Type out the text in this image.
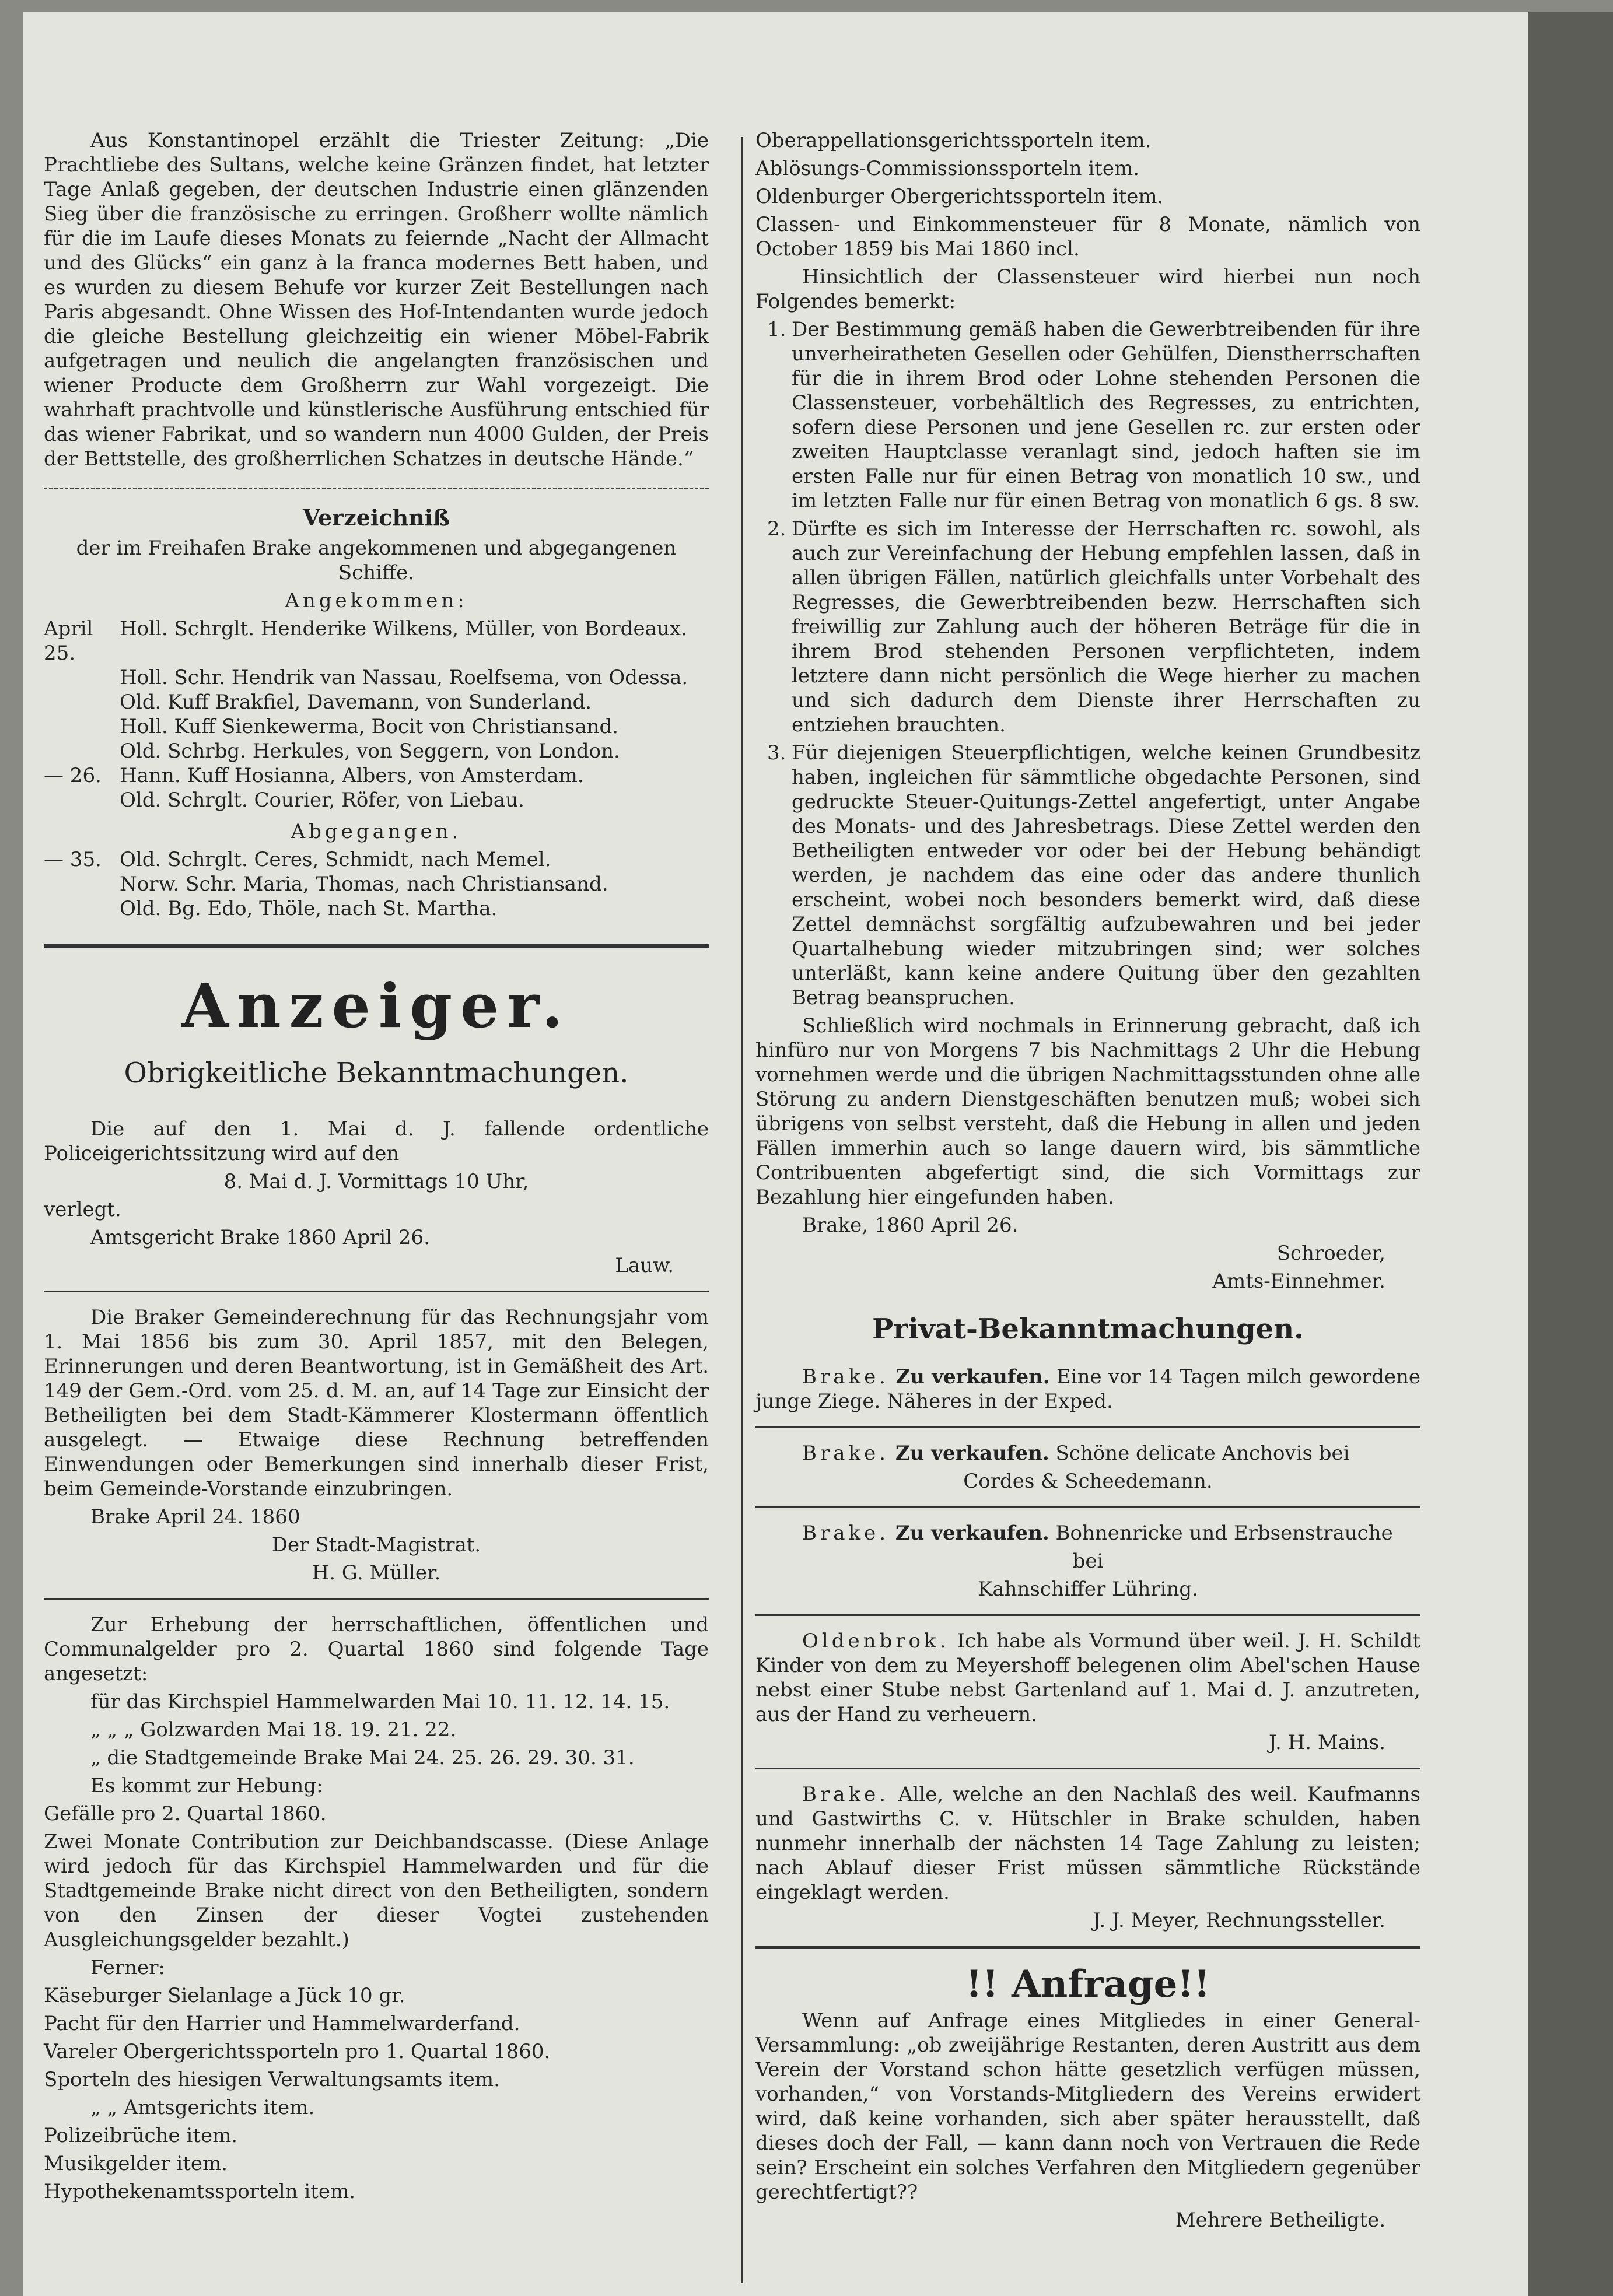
Aus Konstantinopel erzählt die Triester Zeitung: „Die Prachtliebe des Sultans, welche keine Gränzen findet, hat letzter Tage Anlaß gegeben, der deutschen Industrie einen glänzenden Sieg über die französische zu erringen. Großherr wollte nämlich für die im Laufe dieses Monats zu feiernde „Nacht der Allmacht und des Glücks“ ein ganz à la franca modernes Bett haben, und es wurden zu diesem Behufe vor kurzer Zeit Bestellungen nach Paris abgesandt. Ohne Wissen des Hof-Intendanten wurde jedoch die gleiche Bestellung gleichzeitig ein wiener Möbel-Fabrik aufgetragen und neulich die angelangten französischen und wiener Producte dem Großherrn zur Wahl vorgezeigt. Die wahrhaft prachtvolle und künstlerische Ausführung entschied für das wiener Fabrikat, und so wandern nun 4000 Gulden, der Preis der Bettstelle, des großherrlichen Schatzes in deutsche Hände.“

Verzeichniß

der im Freihafen Brake angekommenen und abgegangenen Schiffe.

Angekommen:

April 25.
Holl. Schrglt. Henderike Wilkens, Müller, von Bordeaux.
Holl. Schr. Hendrik van Nassau, Roelfsema, von Odessa.
Old. Kuff Brakfiel, Davemann, von Sunderland.
Holl. Kuff Sienkewerma, Bocit von Christiansand.
Old. Schrbg. Herkules, von Seggern, von London.
— 26. Hann. Kuff Hosianna, Albers, von Amsterdam.
Old. Schrglt. Courier, Röfer, von Liebau.

Abgegangen.

— 35. Old. Schrglt. Ceres, Schmidt, nach Memel.
Norw. Schr. Maria, Thomas, nach Christiansand.
Old. Bg. Edo, Thöle, nach St. Martha.
Anzeiger.
Obrigkeitliche Bekanntmachungen.

Die auf den 1. Mai d. J. fallende ordentliche Policeigerichtssitzung wird auf den

8. Mai d. J. Vormittags 10 Uhr,

verlegt.

Amtsgericht Brake 1860 April 26.

Lauw.

Die Braker Gemeinderechnung für das Rechnungsjahr vom 1. Mai 1856 bis zum 30. April 1857, mit den Belegen, Erinnerungen und deren Beantwortung, ist in Gemäßheit des Art. 149 der Gem.-Ord. vom 25. d. M. an, auf 14 Tage zur Einsicht der Betheiligten bei dem Stadt-Kämmerer Klostermann öffentlich ausgelegt. — Etwaige diese Rechnung betreffenden Einwendungen oder Bemerkungen sind innerhalb dieser Frist, beim Gemeinde-Vorstande einzubringen.

Brake April 24. 1860

Der Stadt-Magistrat.

H. G. Müller.

Zur Erhebung der herrschaftlichen, öffentlichen und Communalgelder pro 2. Quartal 1860 sind folgende Tage angesetzt:

für das Kirchspiel Hammelwarden Mai 10. 11. 12. 14. 15.

„ „ „ Golzwarden Mai 18. 19. 21. 22.

„ die Stadtgemeinde Brake Mai 24. 25. 26. 29. 30. 31.

Es kommt zur Hebung:

Gefälle pro 2. Quartal 1860.

Zwei Monate Contribution zur Deichbandscasse. (Diese Anlage wird jedoch für das Kirchspiel Hammelwarden und für die Stadtgemeinde Brake nicht direct von den Betheiligten, sondern von den Zinsen der dieser Vogtei zustehenden Ausgleichungsgelder bezahlt.)

Ferner:

Käseburger Sielanlage a Jück 10 gr.

Pacht für den Harrier und Hammelwarderfand.

Vareler Obergerichtssporteln pro 1. Quartal 1860.

Sporteln des hiesigen Verwaltungsamts item.

„ „ Amtsgerichts item.

Polizeibrüche item.

Musikgelder item.

Hypothekenamtssporteln item.

Oberappellationsgerichtssporteln item.

Ablösungs-Commissionssporteln item.

Oldenburger Obergerichtssporteln item.

Classen- und Einkommensteuer für 8 Monate, nämlich von October 1859 bis Mai 1860 incl.

Hinsichtlich der Classensteuer wird hierbei nun noch Folgendes bemerkt:

1. Der Bestimmung gemäß haben die Gewerbtreibenden für ihre unverheiratheten Gesellen oder Gehülfen, Dienstherrschaften für die in ihrem Brod oder Lohne stehenden Personen die Classensteuer, vorbehältlich des Regresses, zu entrichten, sofern diese Personen und jene Gesellen rc. zur ersten oder zweiten Hauptclasse veranlagt sind, jedoch haften sie im ersten Falle nur für einen Betrag von monatlich 10 sw., und im letzten Falle nur für einen Betrag von monatlich 6 gs. 8 sw.
2. Dürfte es sich im Interesse der Herrschaften rc. sowohl, als auch zur Vereinfachung der Hebung empfehlen lassen, daß in allen übrigen Fällen, natürlich gleichfalls unter Vorbehalt des Regresses, die Gewerbtreibenden bezw. Herrschaften sich freiwillig zur Zahlung auch der höheren Beträge für die in ihrem Brod stehenden Personen verpflichteten, indem letztere dann nicht persönlich die Wege hierher zu machen und sich dadurch dem Dienste ihrer Herrschaften zu entziehen brauchten.
3. Für diejenigen Steuerpflichtigen, welche keinen Grundbesitz haben, ingleichen für sämmtliche obgedachte Personen, sind gedruckte Steuer-Quitungs-Zettel angefertigt, unter Angabe des Monats- und des Jahresbetrags. Diese Zettel werden den Betheiligten entweder vor oder bei der Hebung behändigt werden, je nachdem das eine oder das andere thunlich erscheint, wobei noch besonders bemerkt wird, daß diese Zettel demnächst sorgfältig aufzubewahren und bei jeder Quartalhebung wieder mitzubringen sind; wer solches unterläßt, kann keine andere Quitung über den gezahlten Betrag beanspruchen.

Schließlich wird nochmals in Erinnerung gebracht, daß ich hinfüro nur von Morgens 7 bis Nachmittags 2 Uhr die Hebung vornehmen werde und die übrigen Nachmittagsstunden ohne alle Störung zu andern Dienstgeschäften benutzen muß; wobei sich übrigens von selbst versteht, daß die Hebung in allen und jeden Fällen immerhin auch so lange dauern wird, bis sämmtliche Contribuenten abgefertigt sind, die sich Vormittags zur Bezahlung hier eingefunden haben.

Brake, 1860 April 26.

Schroeder,

Amts-Einnehmer.

Privat-Bekanntmachungen.

Brake. Zu verkaufen. Eine vor 14 Tagen milch gewordene junge Ziege. Näheres in der Exped.

Brake. Zu verkaufen. Schöne delicate Anchovis bei

Cordes & Scheedemann.

Brake. Zu verkaufen. Bohnenricke und Erbsenstrauche

bei

Kahnschiffer Lühring.

Oldenbrok. Ich habe als Vormund über weil. J. H. Schildt Kinder von dem zu Meyershoff belegenen olim Abel'schen Hause nebst einer Stube nebst Gartenland auf 1. Mai d. J. anzutreten, aus der Hand zu verheuern.

J. H. Mains.

Brake. Alle, welche an den Nachlaß des weil. Kaufmanns und Gastwirths C. v. Hütschler in Brake schulden, haben nunmehr innerhalb der nächsten 14 Tage Zahlung zu leisten; nach Ablauf dieser Frist müssen sämmtliche Rückstände eingeklagt werden.

J. J. Meyer, Rechnungssteller.

!! Anfrage!!

Wenn auf Anfrage eines Mitgliedes in einer General-Versammlung: „ob zweijährige Restanten, deren Austritt aus dem Verein der Vorstand schon hätte gesetzlich verfügen müssen, vorhanden,“ von Vorstands-Mitgliedern des Vereins erwidert wird, daß keine vorhanden, sich aber später herausstellt, daß dieses doch der Fall, — kann dann noch von Vertrauen die Rede sein? Erscheint ein solches Verfahren den Mitgliedern gegenüber gerechtfertigt??

Mehrere Betheiligte.
